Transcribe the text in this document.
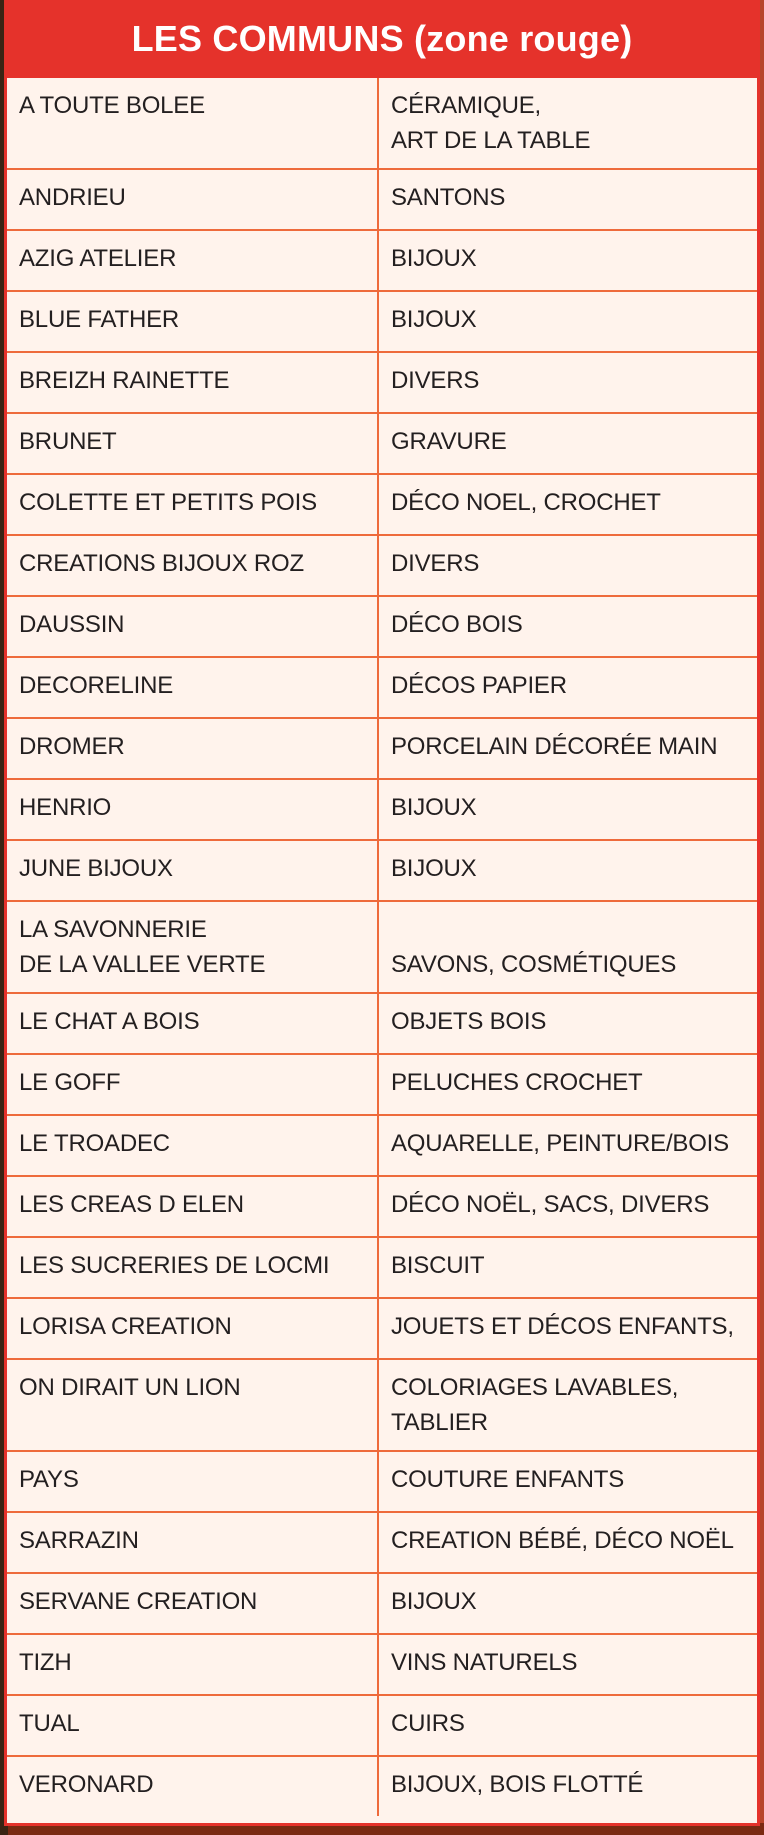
LES COMMUNS (zone rouge)
A TOUTE BOLEE	CÉRAMIQUE,
ART DE LA TABLE
ANDRIEU	SANTONS
AZIG ATELIER	BIJOUX
BLUE FATHER	BIJOUX
BREIZH RAINETTE	DIVERS
BRUNET	GRAVURE
COLETTE ET PETITS POIS	DÉCO NOEL, CROCHET
CREATIONS BIJOUX ROZ	DIVERS
DAUSSIN	DÉCO BOIS
DECORELINE	DÉCOS PAPIER
DROMER	PORCELAIN DÉCORÉE MAIN
HENRIO	BIJOUX
JUNE BIJOUX	BIJOUX
LA SAVONNERIE
DE LA VALLEE VERTE	SAVONS, COSMÉTIQUES
LE CHAT A BOIS	OBJETS BOIS
LE GOFF	PELUCHES CROCHET
LE TROADEC	AQUARELLE, PEINTURE/BOIS
LES CREAS D ELEN	DÉCO NOËL, SACS, DIVERS
LES SUCRERIES DE LOCMI	BISCUIT
LORISA CREATION	JOUETS ET DÉCOS ENFANTS,
ON DIRAIT UN LION	COLORIAGES LAVABLES,
TABLIER
PAYS	COUTURE ENFANTS
SARRAZIN	CREATION BÉBÉ, DÉCO NOËL
SERVANE CREATION	BIJOUX
TIZH	VINS NATURELS
TUAL	CUIRS
VERONARD	BIJOUX, BOIS FLOTTÉ
